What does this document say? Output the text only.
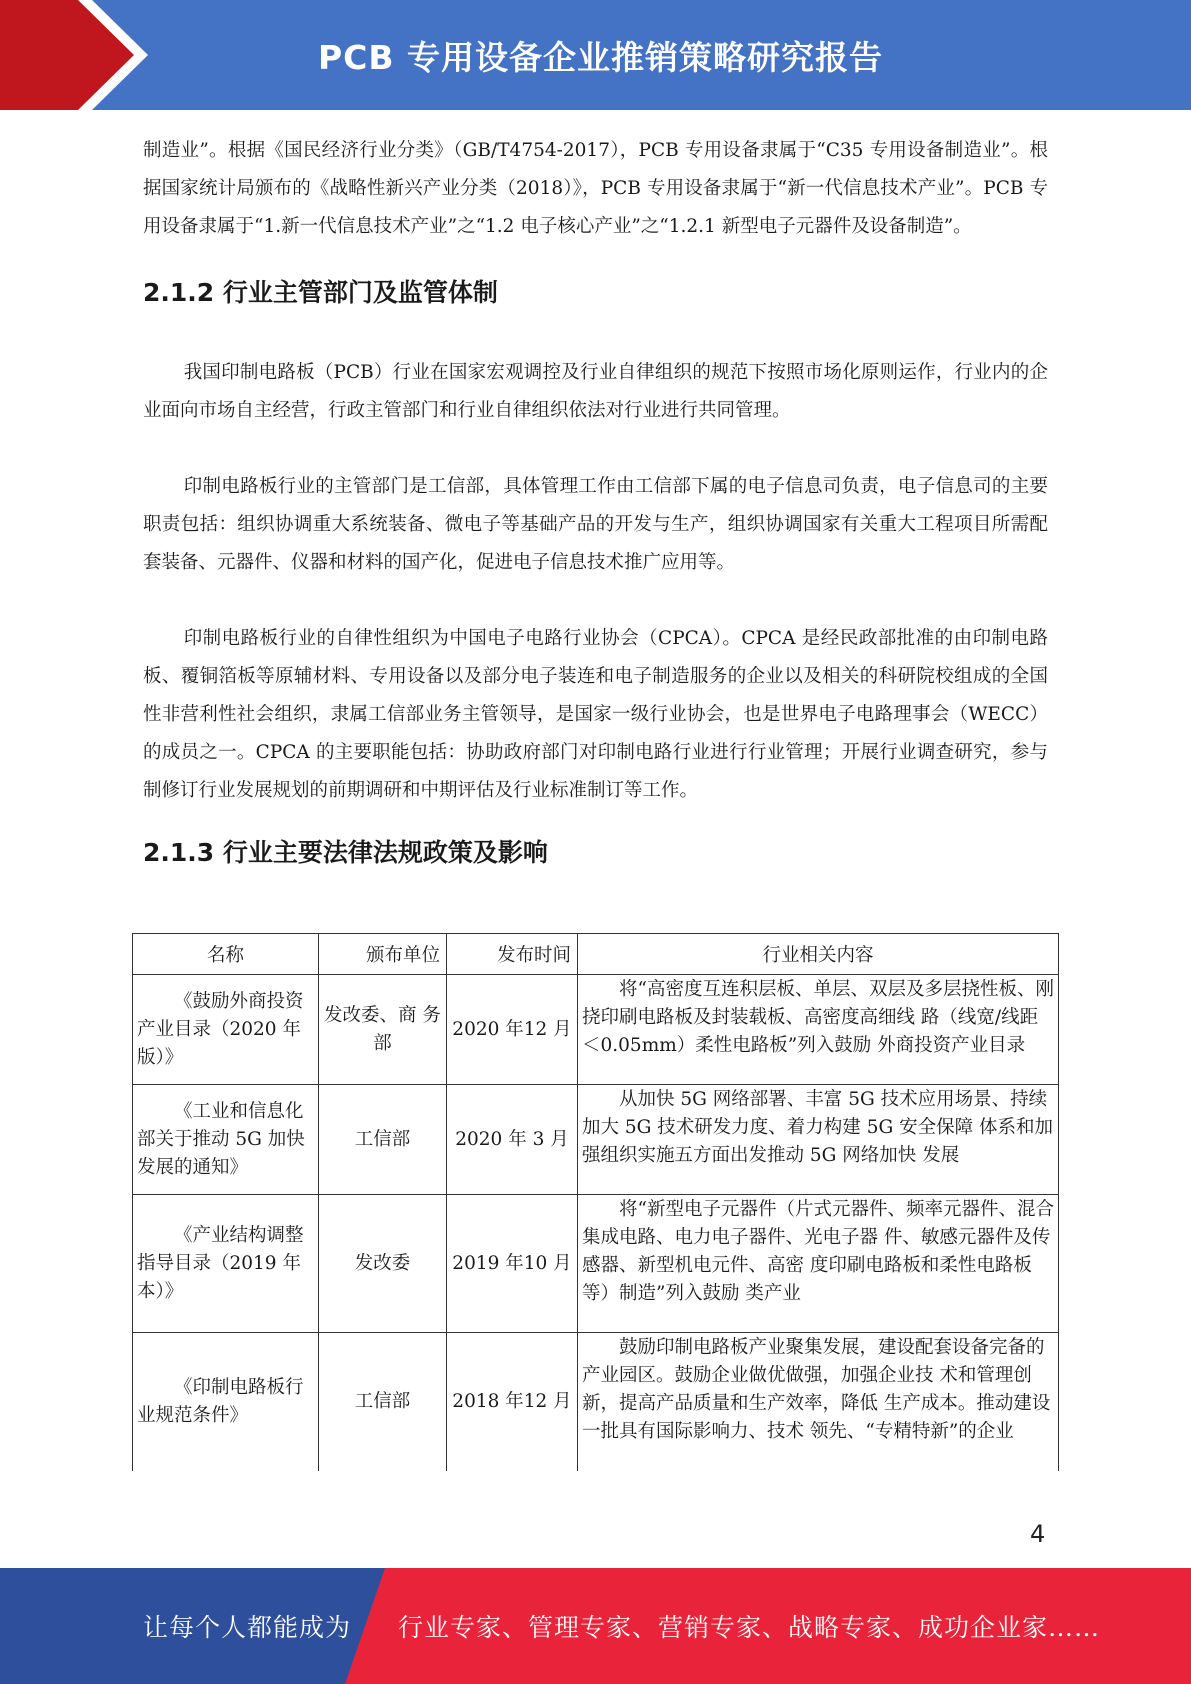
PCB 专用设备企业推销策略研究报告

制造业”。根据《国民经济行业分类》（GB/T4754-2017），PCB 专用设备隶属于“C35 专用设备制造业”。根据国家统计局颁布的《战略性新兴产业分类（2018）》，PCB 专用设备隶属于“新一代信息技术产业”。PCB 专用设备隶属于“1.新一代信息技术产业”之“1.2 电子核心产业”之“1.2.1 新型电子元器件及设备制造”。

2.1.2 行业主管部门及监管体制

我国印制电路板（PCB）行业在国家宏观调控及行业自律组织的规范下按照市场化原则运作，行业内的企业面向市场自主经营，行政主管部门和行业自律组织依法对行业进行共同管理。

印制电路板行业的主管部门是工信部，具体管理工作由工信部下属的电子信息司负责，电子信息司的主要职责包括：组织协调重大系统装备、微电子等基础产品的开发与生产，组织协调国家有关重大工程项目所需配套装备、元器件、仪器和材料的国产化，促进电子信息技术推广应用等。

印制电路板行业的自律性组织为中国电子电路行业协会（CPCA）。CPCA 是经民政部批准的由印制电路板、覆铜箔板等原辅材料、专用设备以及部分电子装连和电子制造服务的企业以及相关的科研院校组成的全国性非营利性社会组织，隶属工信部业务主管领导，是国家一级行业协会，也是世界电子电路理事会（WECC）的成员之一。CPCA 的主要职能包括：协助政府部门对印制电路行业进行行业管理；开展行业调查研究，参与制修订行业发展规划的前期调研和中期评估及行业标准制订等工作。

2.1.3 行业主要法律法规政策及影响
名称	颁布单位	发布时间	行业相关内容
《鼓励外商投资产业目录（2020 年版）》	发改委、商 务部	2020 年12 月	将“高密度互连积层板、单层、双层及多层挠性板、刚挠印刷电路板及封装载板、高密度高细线 路（线宽/线距＜0.05mm）柔性电路板”列入鼓励 外商投资产业目录
《工业和信息化部关于推动 5G 加快发展的通知》	工信部	2020 年 3 月	从加快 5G 网络部署、丰富 5G 技术应用场景、持续加大 5G 技术研发力度、着力构建 5G 安全保障 体系和加强组织实施五方面出发推动 5G 网络加快 发展
《产业结构调整指导目录（2019 年本）》	发改委	2019 年10 月	将“新型电子元器件（片式元器件、频率元器件、混合集成电路、电力电子器件、光电子器 件、敏感元器件及传感器、新型机电元件、高密 度印刷电路板和柔性电路板等）制造”列入鼓励 类产业
《印制电路板行业规范条件》	工信部	2018 年12 月	鼓励印制电路板产业聚集发展，建设配套设备完备的产业园区。鼓励企业做优做强，加强企业技 术和管理创新，提高产品质量和生产效率，降低 生产成本。推动建设一批具有国际影响力、技术 领先、“专精特新”的企业
4
让每个人都能成为 行业专家、管理专家、营销专家、战略专家、成功企业家……
